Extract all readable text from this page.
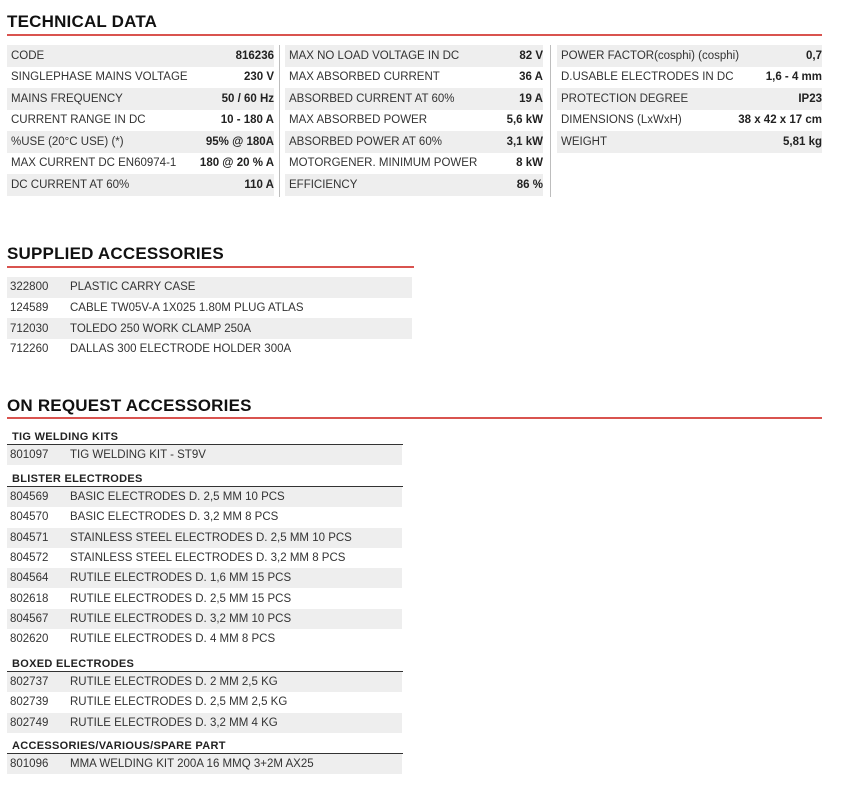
TECHNICAL DATA
CODE	816236
SINGLEPHASE MAINS VOLTAGE	230 V
MAINS FREQUENCY	50 / 60 Hz
CURRENT RANGE IN DC	10 - 180 A
%USE (20°C USE) (*)	95% @ 180A
MAX CURRENT DC EN60974-1 180 @ 20 % A
DC CURRENT AT 60%	110 A
MAX NO LOAD VOLTAGE IN DC	82 V
MAX ABSORBED CURRENT	36 A
ABSORBED CURRENT AT 60%	19 A
MAX ABSORBED POWER	5,6 kW
ABSORBED POWER AT 60%	3,1 kW
MOTORGENER. MINIMUM POWER	8 kW
EFFICIENCY	86 %
POWER FACTOR(cosphi) (cosphi)	0,7
D.USABLE ELECTRODES IN DC	1,6 - 4 mm
PROTECTION DEGREE	IP23
DIMENSIONS (LxWxH)	38 x 42 x 17 cm
WEIGHT	5,81 kg
SUPPLIED ACCESSORIES
322800	PLASTIC CARRY CASE
124589	CABLE TW05V-A 1X025 1.80M PLUG ATLAS
712030	TOLEDO 250 WORK CLAMP 250A
712260	DALLAS 300 ELECTRODE HOLDER 300A
ON REQUEST ACCESSORIES
TIG WELDING KITS
801097	TIG WELDING KIT - ST9V
BLISTER ELECTRODES
804569	BASIC ELECTRODES D. 2,5 MM 10 PCS
804570	BASIC ELECTRODES D. 3,2 MM 8 PCS
804571	STAINLESS STEEL ELECTRODES D. 2,5 MM 10 PCS
804572	STAINLESS STEEL ELECTRODES D. 3,2 MM 8 PCS
804564	RUTILE ELECTRODES D. 1,6 MM 15 PCS
802618	RUTILE ELECTRODES D. 2,5 MM 15 PCS
804567	RUTILE ELECTRODES D. 3,2 MM 10 PCS
802620	RUTILE ELECTRODES D. 4 MM 8 PCS
BOXED ELECTRODES
802737	RUTILE ELECTRODES D. 2 MM 2,5 KG
802739	RUTILE ELECTRODES D. 2,5 MM 2,5 KG
802749	RUTILE ELECTRODES D. 3,2 MM 4 KG
ACCESSORIES/VARIOUS/SPARE PART
801096	MMA WELDING KIT 200A 16 MMQ 3+2M AX25
